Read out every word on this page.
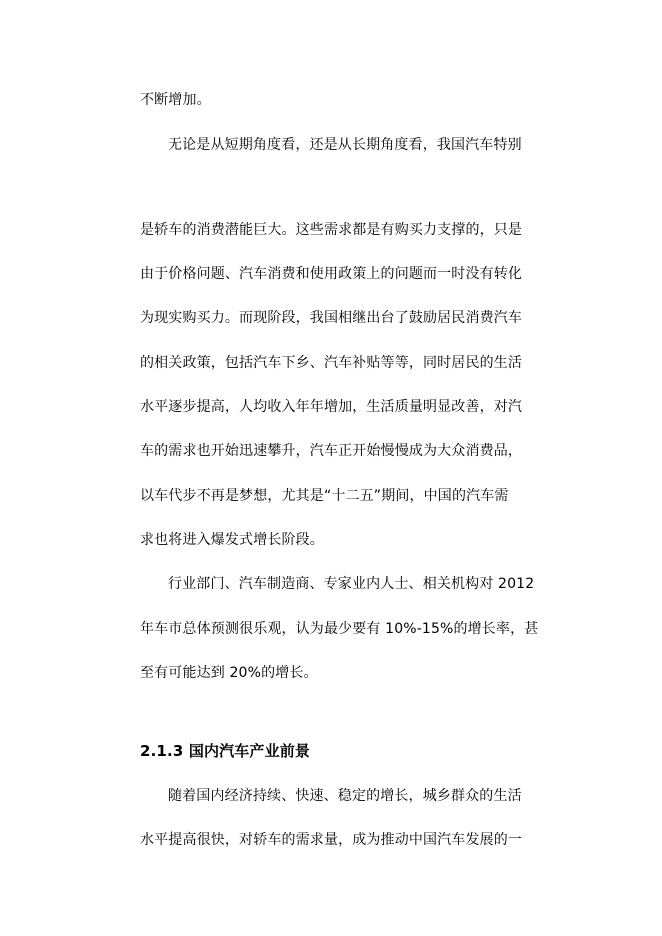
不断增加。
无论是从短期角度看，还是从长期角度看，我国汽车特别
是轿车的消费潜能巨大。这些需求都是有购买力支撑的，只是
由于价格问题、汽车消费和使用政策上的问题而一时没有转化
为现实购买力。而现阶段，我国相继出台了鼓励居民消费汽车
的相关政策，包括汽车下乡、汽车补贴等等，同时居民的生活
水平逐步提高，人均收入年年增加，生活质量明显改善，对汽
车的需求也开始迅速攀升，汽车正开始慢慢成为大众消费品，
以车代步不再是梦想，尤其是“十二五”期间，中国的汽车需
求也将进入爆发式增长阶段。
行业部门、汽车制造商、专家业内人士、相关机构对 2012
年车市总体预测很乐观，认为最少要有 10%-15%的增长率，甚
至有可能达到 20%的增长。
2.1.3 国内汽车产业前景
随着国内经济持续、快速、稳定的增长，城乡群众的生活
水平提高很快，对轿车的需求量，成为推动中国汽车发展的一
